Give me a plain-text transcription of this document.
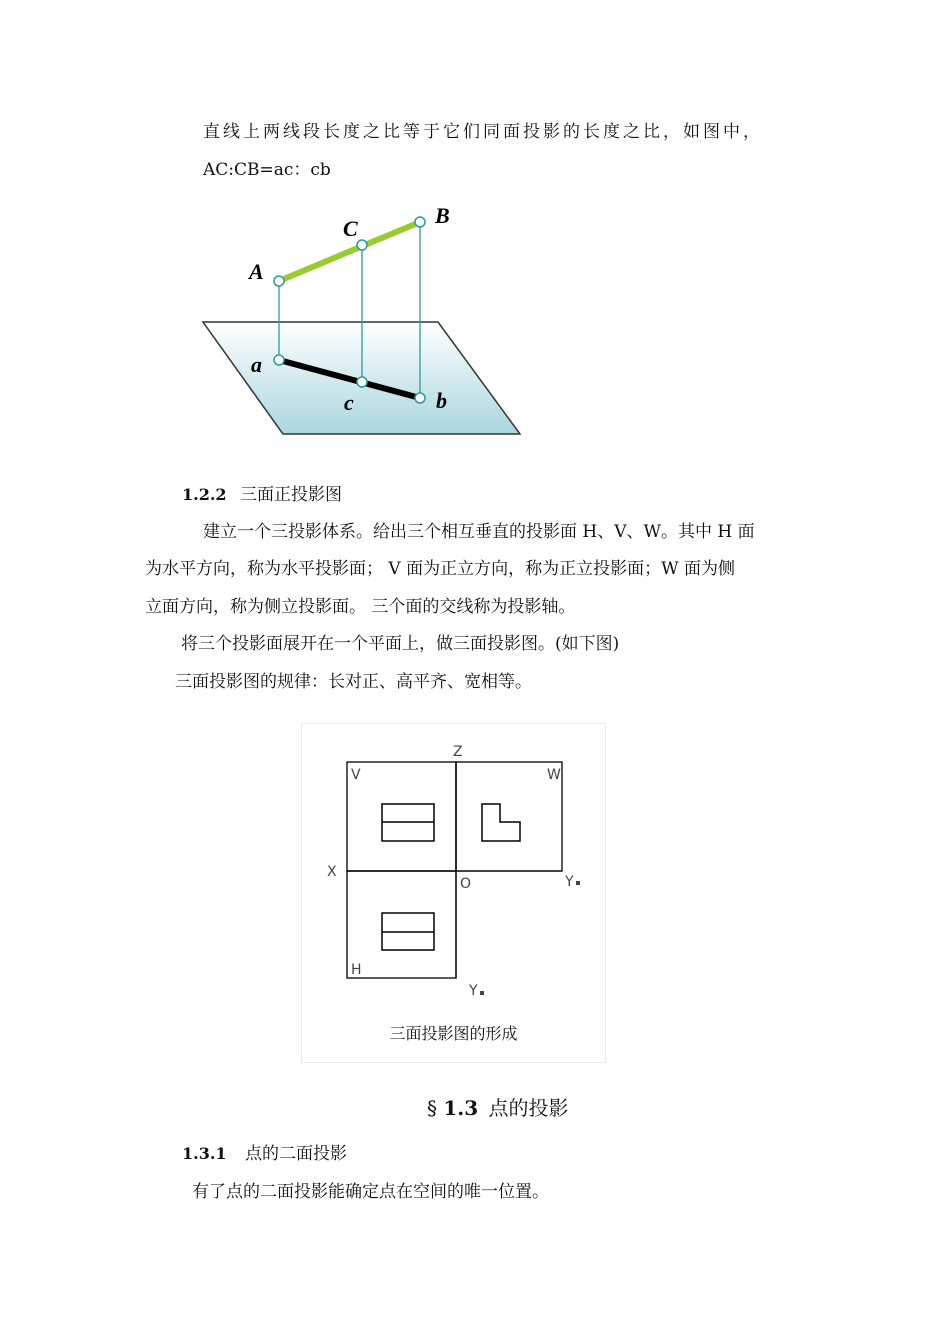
直线上两线段长度之比等于它们同面投影的长度之比，如图中，
AC:CB=ac：cb
A
C
B
a
c	b
1.2.2 三面正投影图
建立一个三投影体系。给出三个相互垂直的投影面 H、V、W。其中 H 面
为水平方向，称为水平投影面； V 面为正立方向，称为正立投影面；W 面为侧
立面方向，称为侧立投影面。 三个面的交线称为投影轴。
将三个投影面展开在一个平面上，做三面投影图。(如下图)
三面投影图的规律：长对正、高平齐、宽相等。
Z
V	W
X
O	Y
H
Y
三面投影图的形成
§ 1.3 点的投影
1.3.1 点的二面投影
有了点的二面投影能确定点在空间的唯一位置。
